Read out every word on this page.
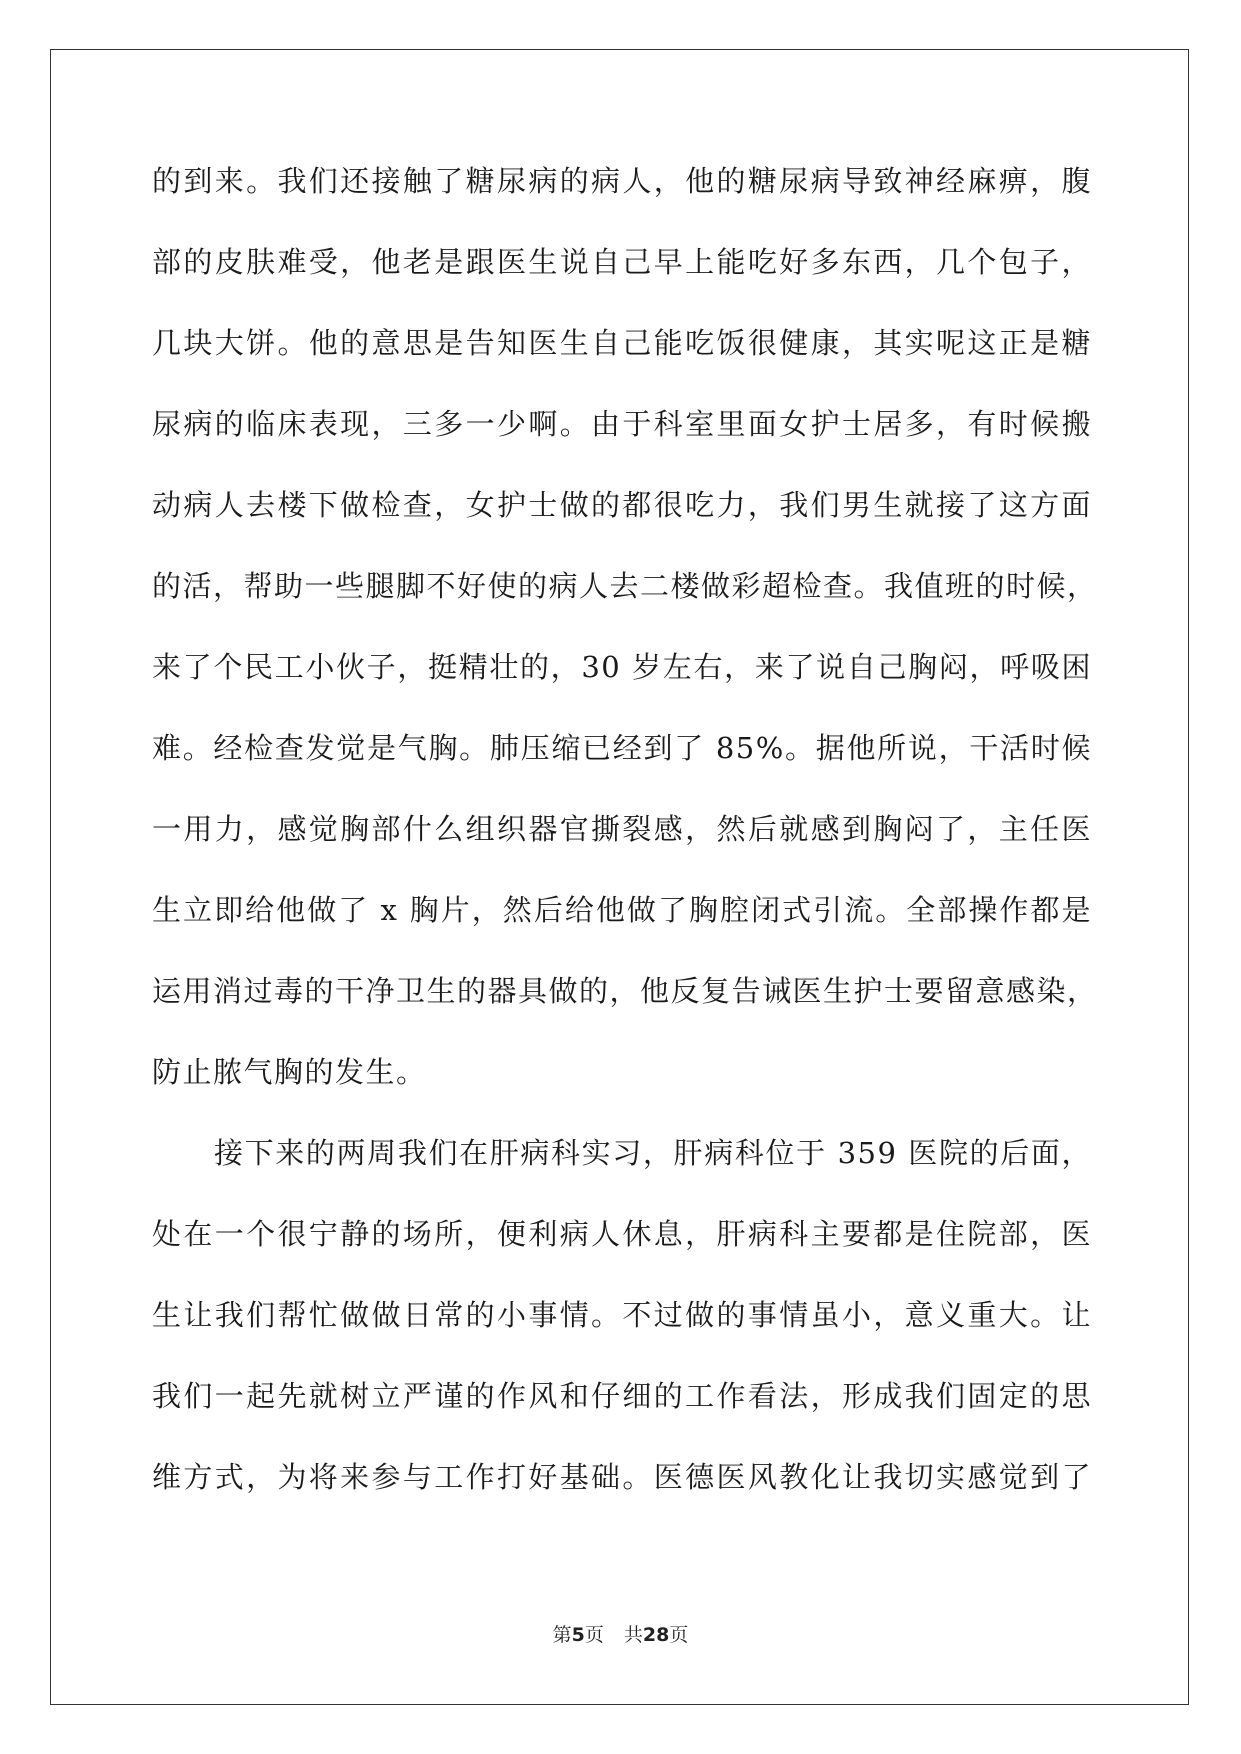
的到来。我们还接触了糖尿病的病人，他的糖尿病导致神经麻痹，腹
部的皮肤难受，他老是跟医生说自己早上能吃好多东西，几个包子，
几块大饼。他的意思是告知医生自己能吃饭很健康，其实呢这正是糖
尿病的临床表现，三多一少啊。由于科室里面女护士居多，有时候搬
动病人去楼下做检查，女护士做的都很吃力，我们男生就接了这方面
的活，帮助一些腿脚不好使的病人去二楼做彩超检查。我值班的时候，
来了个民工小伙子，挺精壮的，30 岁左右，来了说自己胸闷，呼吸困
难。经检查发觉是气胸。肺压缩已经到了 85%。据他所说，干活时候
一用力，感觉胸部什么组织器官撕裂感，然后就感到胸闷了，主任医
生立即给他做了 x 胸片，然后给他做了胸腔闭式引流。全部操作都是
运用消过毒的干净卫生的器具做的，他反复告诫医生护士要留意感染，
防止脓气胸的发生。
接下来的两周我们在肝病科实习，肝病科位于 359 医院的后面，
处在一个很宁静的场所，便利病人休息，肝病科主要都是住院部，医
生让我们帮忙做做日常的小事情。不过做的事情虽小，意义重大。让
我们一起先就树立严谨的作风和仔细的工作看法，形成我们固定的思
维方式，为将来参与工作打好基础。医德医风教化让我切实感觉到了
第5页 共28页
